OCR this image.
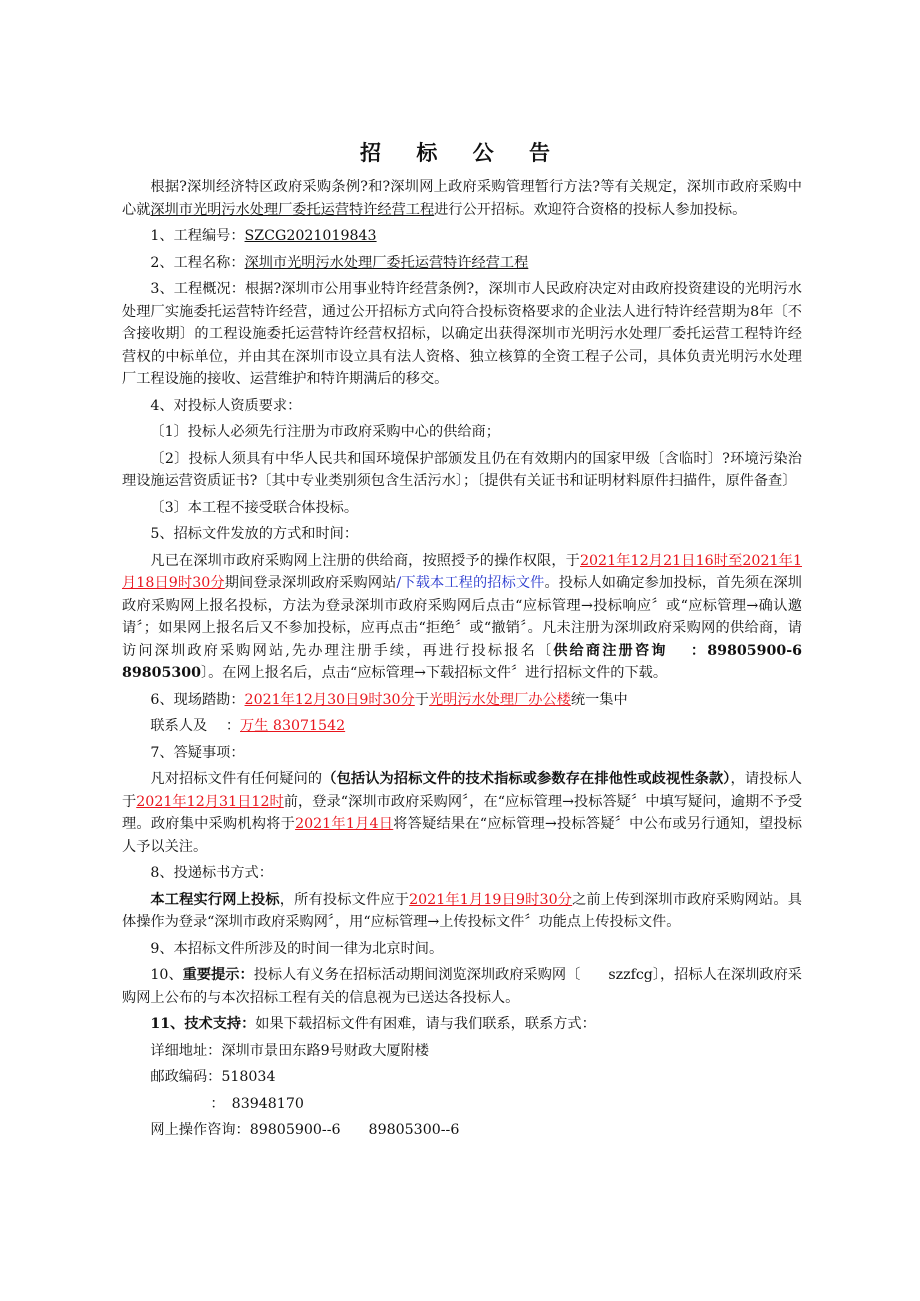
招 标 公 告

根据?深圳经济特区政府采购条例?和?深圳网上政府采购管理暂行方法?等有关规定，深圳市政府采购中心就深圳市光明污水处理厂委托运营特许经营工程进行公开招标。欢迎符合资格的投标人参加投标。

1、工程编号：SZCG2021019843

2、工程名称：深圳市光明污水处理厂委托运营特许经营工程

3、工程概况：根据?深圳市公用事业特许经营条例?，深圳市人民政府决定对由政府投资建设的光明污水处理厂实施委托运营特许经营，通过公开招标方式向符合投标资格要求的企业法人进行特许经营期为8年〔不含接收期〕的工程设施委托运营特许经营权招标，以确定出获得深圳市光明污水处理厂委托运营工程特许经营权的中标单位，并由其在深圳市设立具有法人资格、独立核算的全资工程子公司，具体负责光明污水处理厂工程设施的接收、运营维护和特许期满后的移交。

4、对投标人资质要求：

〔1〕投标人必须先行注册为市政府采购中心的供给商；

〔2〕投标人须具有中华人民共和国环境保护部颁发且仍在有效期内的国家甲级〔含临时〕?环境污染治理设施运营资质证书?〔其中专业类别须包含生活污水〕；〔提供有关证书和证明材料原件扫描件，原件备查〕

〔3〕本工程不接受联合体投标。

5、招标文件发放的方式和时间：

凡已在深圳市政府采购网上注册的供给商，按照授予的操作权限，于2021年12月21日16时至2021年1月18日9时30分期间登录深圳政府采购网站/下载本工程的招标文件。投标人如确定参加投标，首先须在深圳政府采购网上报名投标，方法为登录深圳市政府采购网后点击“应标管理→投标响应〞或“应标管理→确认邀请〞；如果网上报名后又不参加投标，应再点击“拒绝〞或“撤销〞。凡未注册为深圳政府采购网的供给商，请访问深圳政府采购网站,先办理注册手续，再进行投标报名〔供给商注册咨询　 ：89805900-6　89805300〕。在网上报名后，点击“应标管理→下载招标文件〞进行招标文件的下载。

6、现场踏勘：2021年12月30日9时30分于光明污水处理厂办公楼统一集中

联系人及　 ：万生 83071542

7、答疑事项：

凡对招标文件有任何疑问的（包括认为招标文件的技术指标或参数存在排他性或歧视性条款），请投标人于2021年12月31日12时前，登录“深圳市政府采购网〞，在“应标管理→投标答疑〞中填写疑问，逾期不予受理。政府集中采购机构将于2021年1月4日将答疑结果在“应标管理→投标答疑〞中公布或另行通知，望投标人予以关注。

8、投递标书方式：

本工程实行网上投标，所有投标文件应于2021年1月19日9时30分之前上传到深圳市政府采购网站。具体操作为登录“深圳市政府采购网〞，用“应标管理→上传投标文件〞功能点上传投标文件。

9、本招标文件所涉及的时间一律为北京时间。

10、重要提示：投标人有义务在招标活动期间浏览深圳政府采购网〔 szzfcg〕，招标人在深圳政府采购网上公布的与本次招标工程有关的信息视为已送达各投标人。

11、技术支持：如果下载招标文件有困难，请与我们联系，联系方式：

详细地址：深圳市景田东路9号财政大厦附楼

邮政编码：518034

：　83948170

网上操作咨询：89805900--6 89805300--6
